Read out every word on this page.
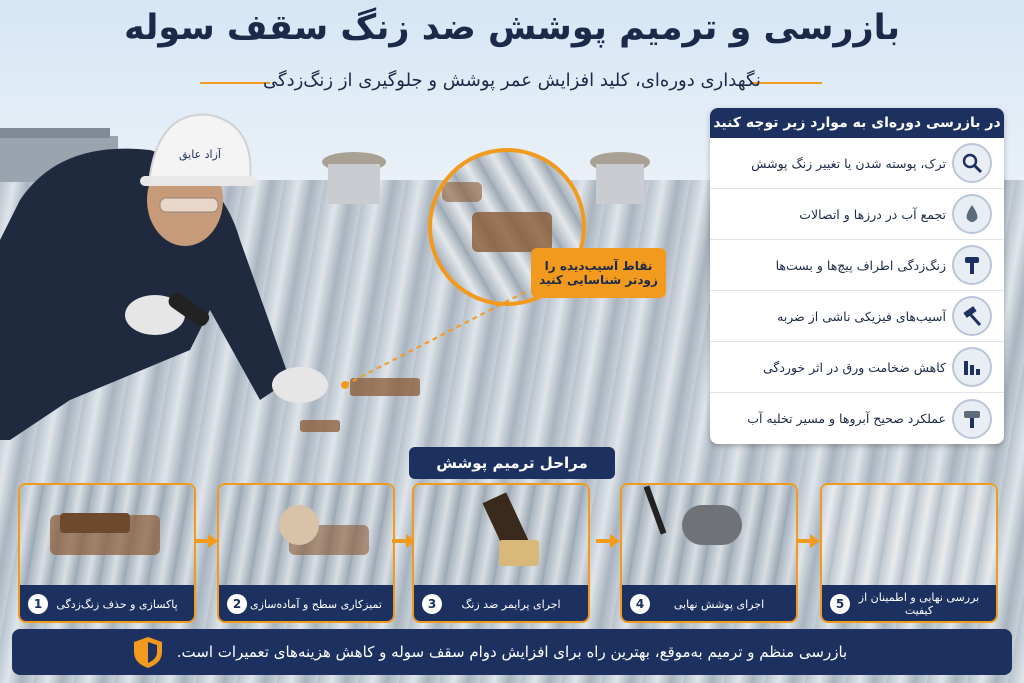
بازرسی و ترمیم پوشش ضد زنگ سقف سوله
نگهداری دوره‌ای، کلید افزایش عمر پوشش و جلوگیری از زنگ‌زدگی
آزاد عایق
نقاط آسیب‌دیده را
زودتر شناسایی کنید
در بازرسی دوره‌ای به موارد زیر توجه کنید
ترک، پوسته شدن یا تغییر زنگ پوشش
تجمع آب در درزها و اتصالات
زنگ‌زدگی اطراف پیچ‌ها و بست‌ها
آسیب‌های فیزیکی ناشی از ضربه
کاهش ضخامت ورق در اثر خوردگی
عملکرد صحیح آبروها و مسیر تخلیه آب
مراحل ترمیم پوشش
1	پاکسازی و حذف زنگ‌زدگی	2 تمیزکاری سطح و آماده‌سازی	3	اجرای پرایمر ضد زنگ	4	اجرای پوشش نهایی	5	بررسی نهایی و اطمینان از کیفیت
بازرسی منظم و ترمیم به‌موقع، بهترین راه برای افزایش دوام سقف سوله و کاهش هزینه‌های تعمیرات است.
